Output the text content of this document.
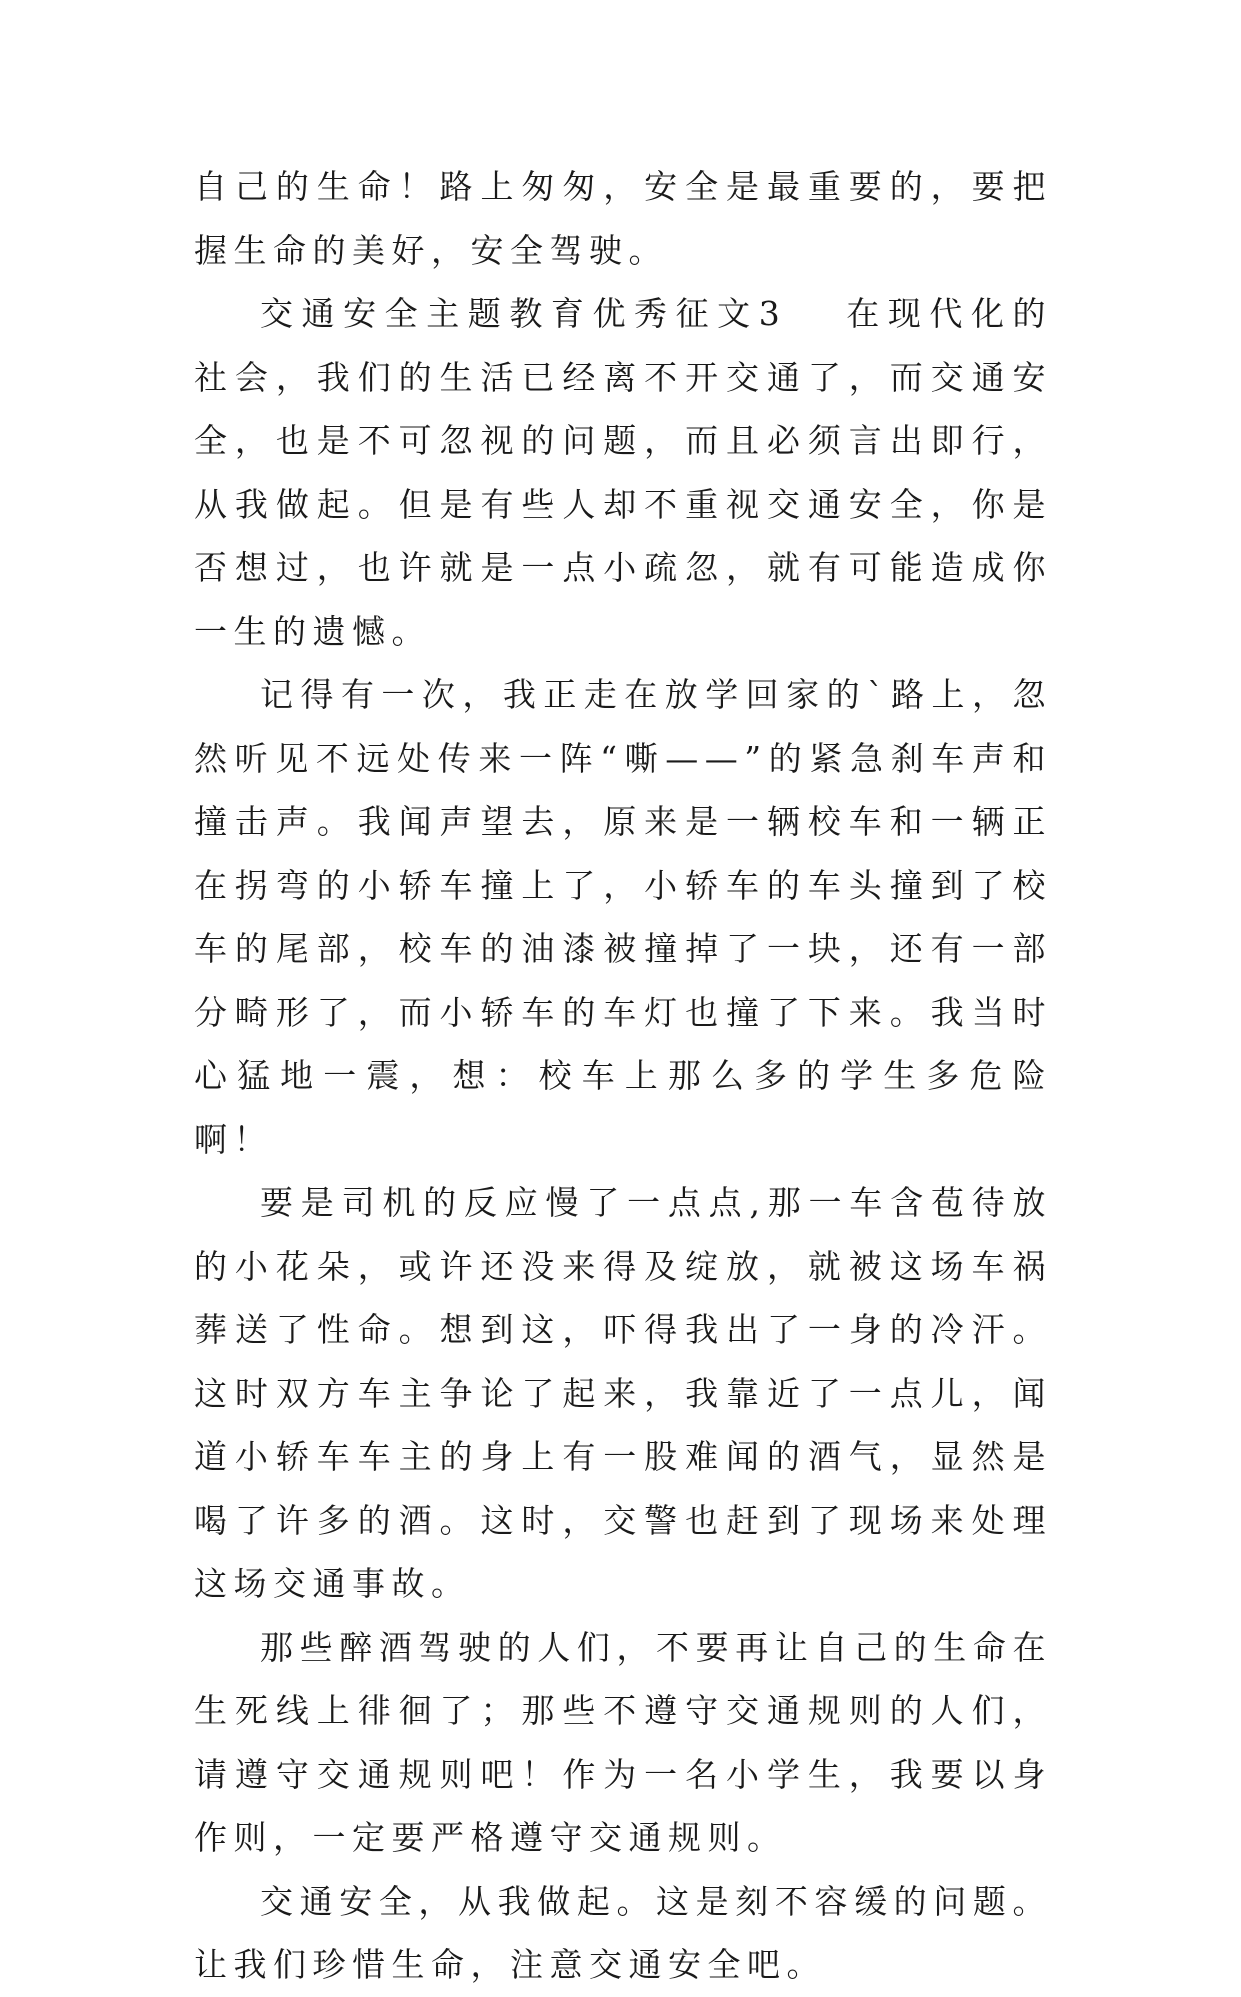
自己的生命！路上匆匆，安全是最重要的，要把握生命的美好，安全驾驶。

交通安全主题教育优秀征文3 在现代化的社会，我们的生活已经离不开交通了，而交通安全，也是不可忽视的问题，而且必须言出即行，从我做起。但是有些人却不重视交通安全，你是否想过，也许就是一点小疏忽，就有可能造成你一生的遗憾。

记得有一次，我正走在放学回家的`路上，忽然听见不远处传来一阵“嘶——”的紧急刹车声和撞击声。我闻声望去，原来是一辆校车和一辆正在拐弯的小轿车撞上了，小轿车的车头撞到了校车的尾部，校车的油漆被撞掉了一块，还有一部分畸形了，而小轿车的车灯也撞了下来。我当时心猛地一震，想：校车上那么多的学生多危险啊！

要是司机的反应慢了一点点,那一车含苞待放的小花朵，或许还没来得及绽放，就被这场车祸葬送了性命。想到这，吓得我出了一身的冷汗。这时双方车主争论了起来，我靠近了一点儿，闻道小轿车车主的身上有一股难闻的酒气，显然是喝了许多的酒。这时，交警也赶到了现场来处理这场交通事故。

那些醉酒驾驶的人们，不要再让自己的生命在生死线上徘徊了；那些不遵守交通规则的人们，请遵守交通规则吧！作为一名小学生，我要以身作则，一定要严格遵守交通规则。

交通安全，从我做起。这是刻不容缓的问题。让我们珍惜生命，注意交通安全吧。
